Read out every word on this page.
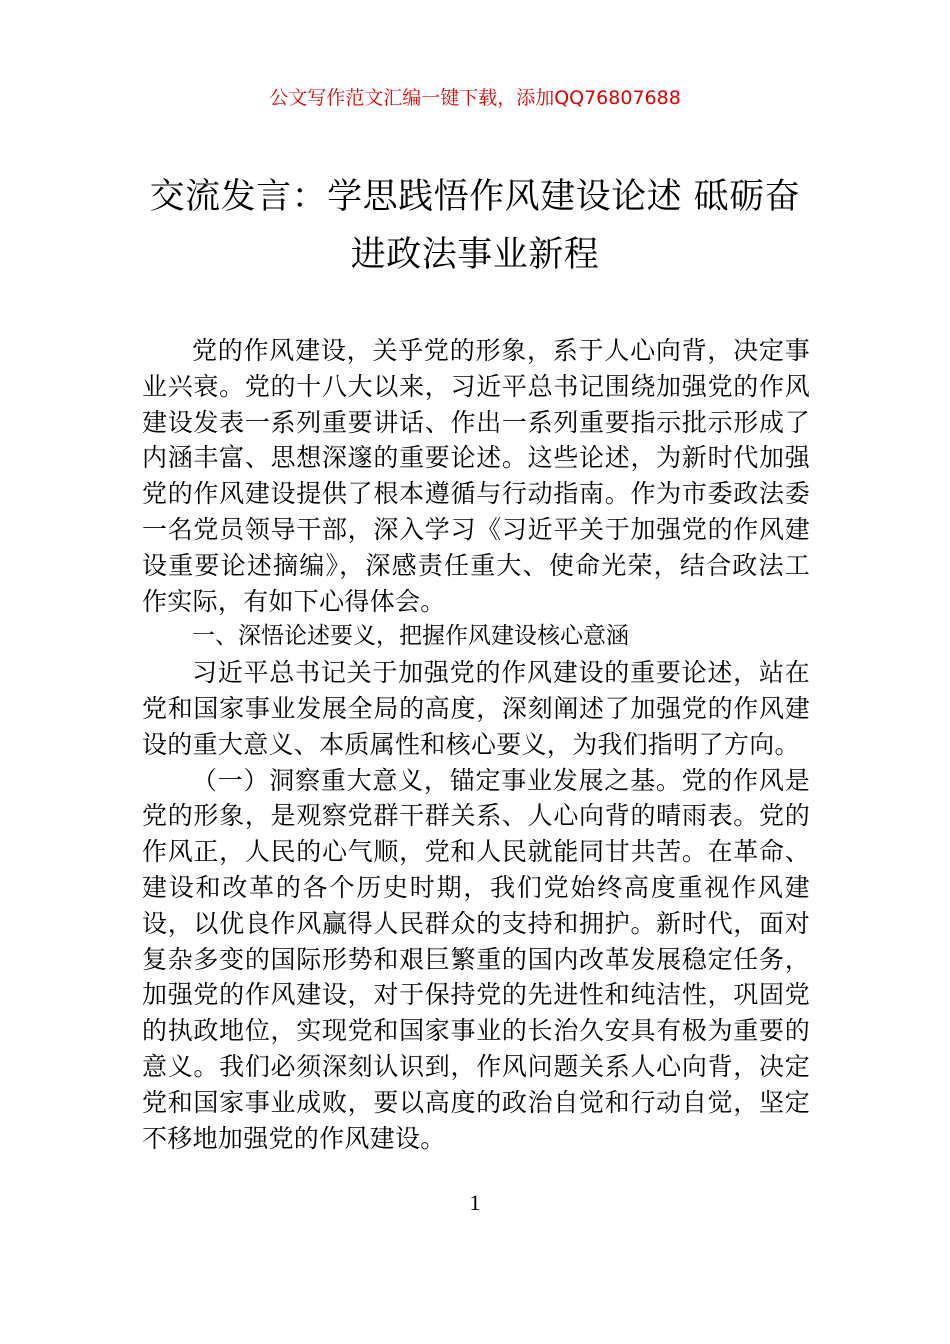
公文写作范文汇编一键下载，添加QQ76807688
交流发言：学思践悟作风建设论述 砥砺奋
进政法事业新程

党的作风建设，关乎党的形象，系于人心向背，决定事业兴衰。党的十八大以来，习近平总书记围绕加强党的作风建设发表一系列重要讲话、作出一系列重要指示批示形成了内涵丰富、思想深邃的重要论述。这些论述，为新时代加强党的作风建设提供了根本遵循与行动指南。作为市委政法委一名党员领导干部，深入学习《习近平关于加强党的作风建设重要论述摘编》，深感责任重大、使命光荣，结合政法工作实际，有如下心得体会。

一、深悟论述要义，把握作风建设核心意涵

习近平总书记关于加强党的作风建设的重要论述，站在党和国家事业发展全局的高度，深刻阐述了加强党的作风建设的重大意义、本质属性和核心要义，为我们指明了方向。

（一）洞察重大意义，锚定事业发展之基。党的作风是党的形象，是观察党群干群关系、人心向背的晴雨表。党的作风正，人民的心气顺，党和人民就能同甘共苦。在革命、建设和改革的各个历史时期，我们党始终高度重视作风建设，以优良作风赢得人民群众的支持和拥护。新时代，面对复杂多变的国际形势和艰巨繁重的国内改革发展稳定任务，加强党的作风建设，对于保持党的先进性和纯洁性，巩固党的执政地位，实现党和国家事业的长治久安具有极为重要的意义。我们必须深刻认识到，作风问题关系人心向背，决定党和国家事业成败，要以高度的政治自觉和行动自觉，坚定不移地加强党的作风建设。

1
